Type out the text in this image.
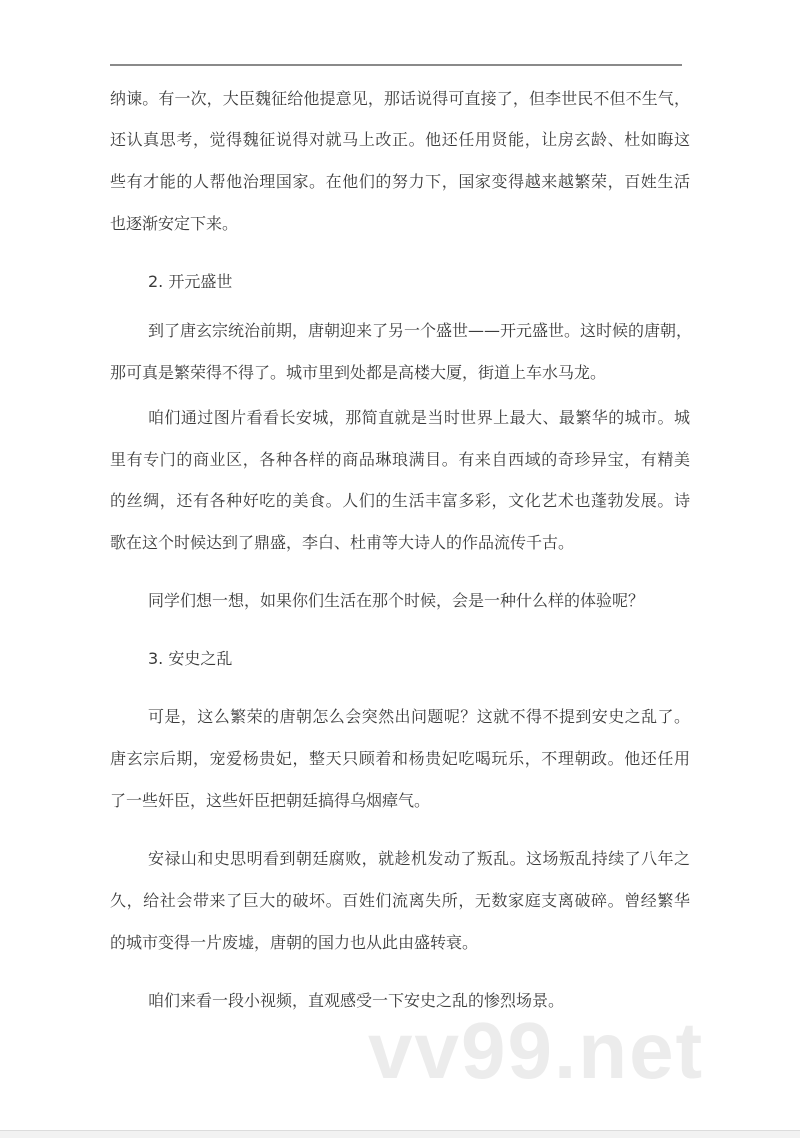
纳谏。有一次，大臣魏征给他提意见，那话说得可直接了，但李世民不但不生气，
还认真思考，觉得魏征说得对就马上改正。他还任用贤能，让房玄龄、杜如晦这
些有才能的人帮他治理国家。在他们的努力下，国家变得越来越繁荣，百姓生活
也逐渐安定下来。
2. 开元盛世
到了唐玄宗统治前期，唐朝迎来了另一个盛世——开元盛世。这时候的唐朝，
那可真是繁荣得不得了。城市里到处都是高楼大厦，街道上车水马龙。
咱们通过图片看看长安城，那简直就是当时世界上最大、最繁华的城市。城
里有专门的商业区，各种各样的商品琳琅满目。有来自西域的奇珍异宝，有精美
的丝绸，还有各种好吃的美食。人们的生活丰富多彩，文化艺术也蓬勃发展。诗
歌在这个时候达到了鼎盛，李白、杜甫等大诗人的作品流传千古。
同学们想一想，如果你们生活在那个时候，会是一种什么样的体验呢？
3. 安史之乱
可是，这么繁荣的唐朝怎么会突然出问题呢？这就不得不提到安史之乱了。
唐玄宗后期，宠爱杨贵妃，整天只顾着和杨贵妃吃喝玩乐，不理朝政。他还任用
了一些奸臣，这些奸臣把朝廷搞得乌烟瘴气。
安禄山和史思明看到朝廷腐败，就趁机发动了叛乱。这场叛乱持续了八年之
久，给社会带来了巨大的破坏。百姓们流离失所，无数家庭支离破碎。曾经繁华
的城市变得一片废墟，唐朝的国力也从此由盛转衰。
咱们来看一段小视频，直观感受一下安史之乱的惨烈场景。
vv99.net
